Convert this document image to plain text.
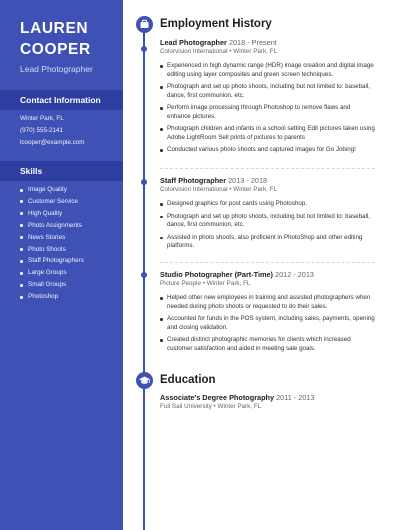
LAUREN
COOPER
Lead Photographer
Contact Information
Winter Park, FL
(970) 555-2141
lcooper@example.com
Skills
Image Quality
Customer Service
High Quality
Photo Assignments
News Stories
Photo Shoots
Staff Photographers
Large Groups
Small Groups
Photoshop
Employment History
Lead Photographer 2018 - Present
Colorvision International • Winter Park, FL
Experienced in high dynamic range (HDR) image creation and digital image editing using layer composites and green screen techniques.
Photograph and set up photo shoots, including but not limited to: baseball, dance, first communion, etc.
Perform image processing through Photoshop to remove flaws and enhance pictures.
Photograph children and infants in a school setting Edit pictures taken using Adobe LightRoom Sell prints of pictures to parents
Conducted various photo shoots and captured images for Go Jobing!
Staff Photographer 2013 - 2018
Colorvision International • Winter Park, FL
Designed graphics for post cards using Photoshop.
Photograph and set up photo shoots, including but not limited to: baseball, dance, first communion, etc.
Assisted in photo shoots, also proficient in PhotoShop and other editing platforms.
Studio Photographer (Part-Time) 2012 - 2013
Picture People • Winter Park, FL
Helped other new employees in training and assisted photographers when needed during photo shoots or requested to do their sales.
Accounted for funds in the POS system, including sales, payments, opening and closing validation.
Created distinct photographic memories for clients which increased customer satisfaction and aided in meeting sale goals.
Education
Associate's Degree Photography 2011 - 2013
Full Sail University • Winter Park, FL
